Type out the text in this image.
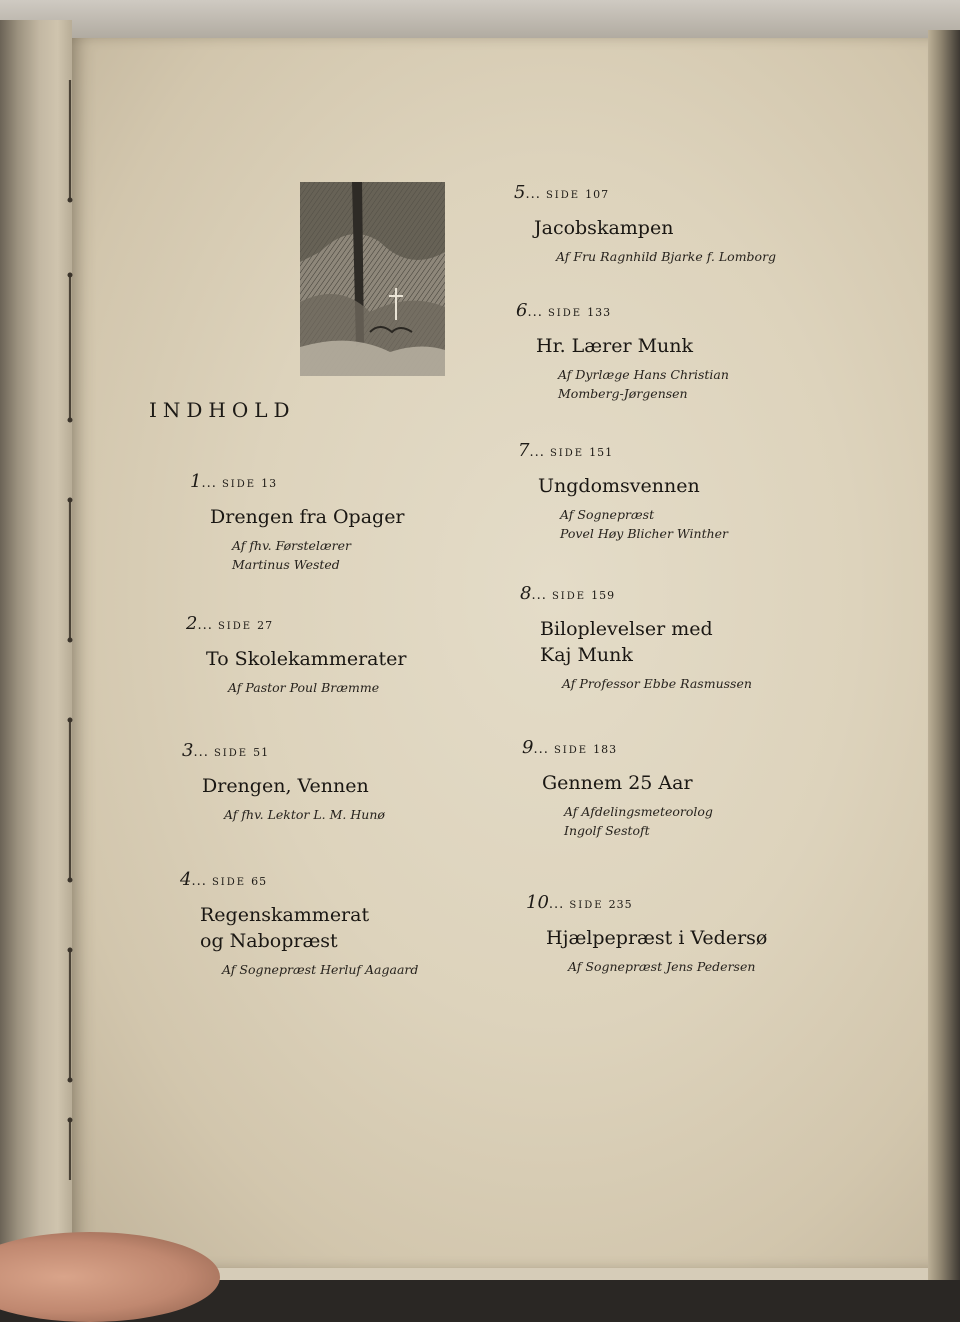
INDHOLD
1... SIDE 13
Drengen fra Opager
Af fhv. Førstelærer
Martinus Wested
2... SIDE 27
To Skolekammerater
Af Pastor Poul Bræmme
3... SIDE 51
Drengen, Vennen
Af fhv. Lektor L. M. Hunø
4... SIDE 65
Regenskammerat
og Nabopræst
Af Sognepræst Herluf Aagaard
5... SIDE 107
Jacobskampen
Af Fru Ragnhild Bjarke f. Lomborg
6... SIDE 133
Hr. Lærer Munk
Af Dyrlæge Hans Christian
Momberg-Jørgensen
7... SIDE 151
Ungdomsvennen
Af Sognepræst
Povel Høy Blicher Winther
8... SIDE 159
Biloplevelser med
Kaj Munk
Af Professor Ebbe Rasmussen
9... SIDE 183
Gennem 25 Aar
Af Afdelingsmeteorolog
Ingolf Sestoft
10... SIDE 235
Hjælpepræst i Vedersø
Af Sognepræst Jens Pedersen
